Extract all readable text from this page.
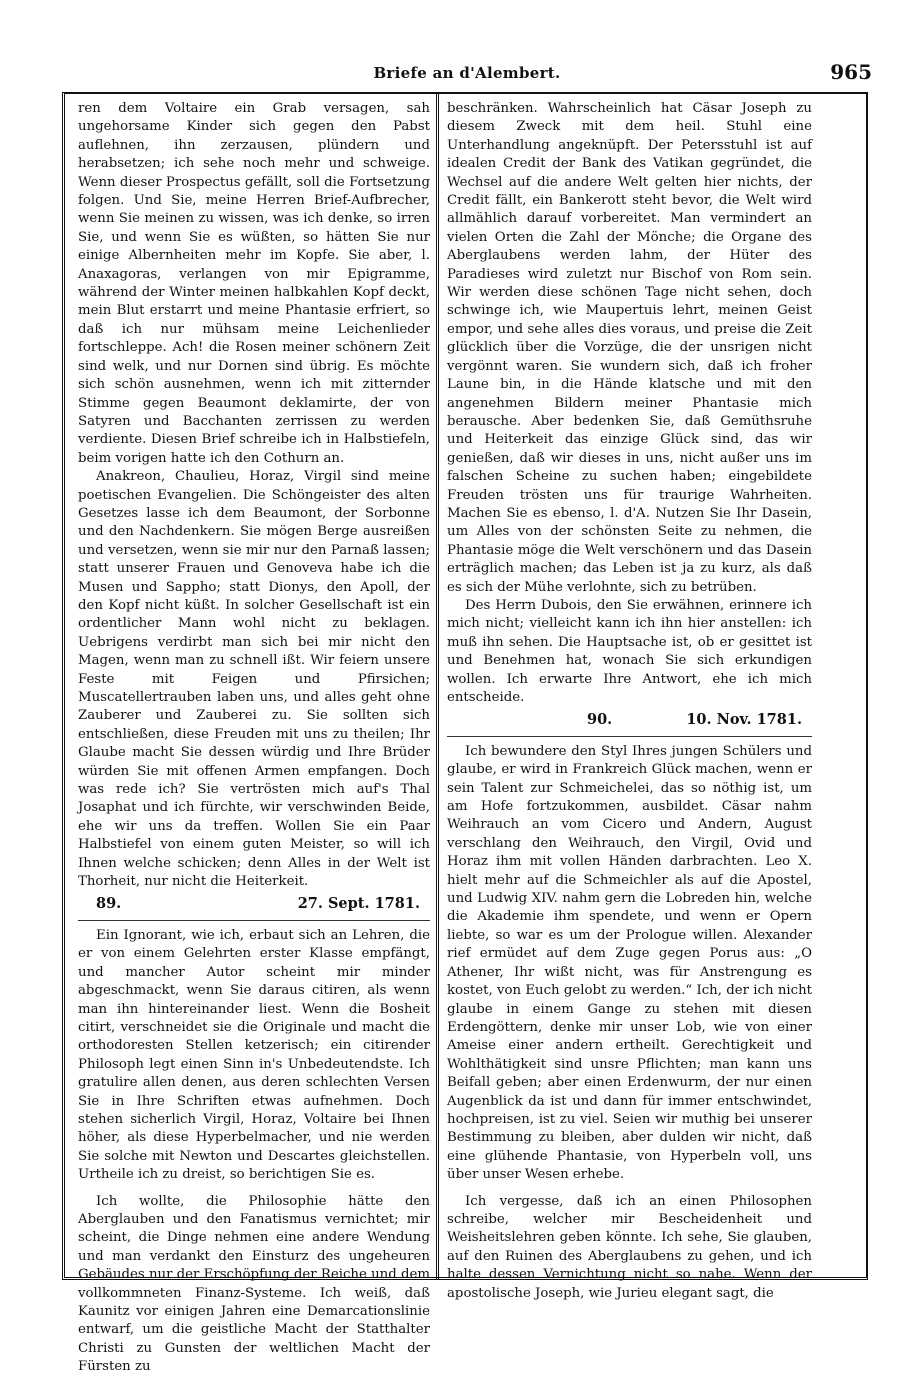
Briefe an d'Alembert.	965

ren dem Voltaire ein Grab versagen, sah ungehorsame Kinder sich gegen den Pabst auflehnen, ihn zerzausen, plündern und herabsetzen; ich sehe noch mehr und schweige. Wenn dieser Prospectus gefällt, soll die Fortsetzung folgen. Und Sie, meine Herren Brief-Aufbrecher, wenn Sie meinen zu wissen, was ich denke, so irren Sie, und wenn Sie es wüßten, so hätten Sie nur einige Albernheiten mehr im Kopfe. Sie aber, l. Anaxagoras, verlangen von mir Epigramme, während der Winter meinen halbkahlen Kopf deckt, mein Blut erstarrt und meine Phantasie erfriert, so daß ich nur mühsam meine Leichenlieder fortschleppe. Ach! die Rosen meiner schönern Zeit sind welk, und nur Dornen sind übrig. Es möchte sich schön ausnehmen, wenn ich mit zitternder Stimme gegen Beaumont deklamirte, der von Satyren und Bacchanten zerrissen zu werden verdiente. Diesen Brief schreibe ich in Halbstiefeln, beim vorigen hatte ich den Cothurn an.

Anakreon, Chaulieu, Horaz, Virgil sind meine poetischen Evangelien. Die Schöngeister des alten Gesetzes lasse ich dem Beaumont, der Sorbonne und den Nachdenkern. Sie mögen Berge ausreißen und versetzen, wenn sie mir nur den Parnaß lassen; statt unserer Frauen und Genoveva habe ich die Musen und Sappho; statt Dionys, den Apoll, der den Kopf nicht küßt. In solcher Gesellschaft ist ein ordentlicher Mann wohl nicht zu beklagen. Uebrigens verdirbt man sich bei mir nicht den Magen, wenn man zu schnell ißt. Wir feiern unsere Feste mit Feigen und Pfirsichen; Muscatellertrauben laben uns, und alles geht ohne Zauberer und Zauberei zu. Sie sollten sich entschließen, diese Freuden mit uns zu theilen; Ihr Glaube macht Sie dessen würdig und Ihre Brüder würden Sie mit offenen Armen empfangen. Doch was rede ich? Sie vertrösten mich auf's Thal Josaphat und ich fürchte, wir verschwinden Beide, ehe wir uns da treffen. Wollen Sie ein Paar Halbstiefel von einem guten Meister, so will ich Ihnen welche schicken; denn Alles in der Welt ist Thorheit, nur nicht die Heiterkeit.

89.	27. Sept. 1781.

Ein Ignorant, wie ich, erbaut sich an Lehren, die er von einem Gelehrten erster Klasse empfängt, und mancher Autor scheint mir minder abgeschmackt, wenn Sie daraus citiren, als wenn man ihn hintereinander liest. Wenn die Bosheit citirt, verschneidet sie die Originale und macht die orthodoresten Stellen ketzerisch; ein citirender Philosoph legt einen Sinn in's Unbedeutendste. Ich gratulire allen denen, aus deren schlechten Versen Sie in Ihre Schriften etwas aufnehmen. Doch stehen sicherlich Virgil, Horaz, Voltaire bei Ihnen höher, als diese Hyperbelmacher, und nie werden Sie solche mit Newton und Descartes gleichstellen. Urtheile ich zu dreist, so berichtigen Sie es.

Ich wollte, die Philosophie hätte den Aberglauben und den Fanatismus vernichtet; mir scheint, die Dinge nehmen eine andere Wendung und man verdankt den Einsturz des ungeheuren Gebäudes nur der Erschöpfung der Reiche und dem vollkommneten Finanz-Systeme. Ich weiß, daß Kaunitz vor einigen Jahren eine Demarcationslinie entwarf, um die geistliche Macht der Statthalter Christi zu Gunsten der weltlichen Macht der Fürsten zu

beschränken. Wahrscheinlich hat Cäsar Joseph zu diesem Zweck mit dem heil. Stuhl eine Unterhandlung angeknüpft. Der Petersstuhl ist auf idealen Credit der Bank des Vatikan gegründet, die Wechsel auf die andere Welt gelten hier nichts, der Credit fällt, ein Bankerott steht bevor, die Welt wird allmählich darauf vorbereitet. Man vermindert an vielen Orten die Zahl der Mönche; die Organe des Aberglaubens werden lahm, der Hüter des Paradieses wird zuletzt nur Bischof von Rom sein. Wir werden diese schönen Tage nicht sehen, doch schwinge ich, wie Maupertuis lehrt, meinen Geist empor, und sehe alles dies voraus, und preise die Zeit glücklich über die Vorzüge, die der unsrigen nicht vergönnt waren. Sie wundern sich, daß ich froher Laune bin, in die Hände klatsche und mit den angenehmen Bildern meiner Phantasie mich berausche. Aber bedenken Sie, daß Gemüthsruhe und Heiterkeit das einzige Glück sind, das wir genießen, daß wir dieses in uns, nicht außer uns im falschen Scheine zu suchen haben; eingebildete Freuden trösten uns für traurige Wahrheiten. Machen Sie es ebenso, l. d'A. Nutzen Sie Ihr Dasein, um Alles von der schönsten Seite zu nehmen, die Phantasie möge die Welt verschönern und das Dasein erträglich machen; das Leben ist ja zu kurz, als daß es sich der Mühe verlohnte, sich zu betrüben.

Des Herrn Dubois, den Sie erwähnen, erinnere ich mich nicht; vielleicht kann ich ihn hier anstellen: ich muß ihn sehen. Die Hauptsache ist, ob er gesittet ist und Benehmen hat, wonach Sie sich erkundigen wollen. Ich erwarte Ihre Antwort, ehe ich mich entscheide.

90.	10. Nov. 1781.

Ich bewundere den Styl Ihres jungen Schülers und glaube, er wird in Frankreich Glück machen, wenn er sein Talent zur Schmeichelei, das so nöthig ist, um am Hofe fortzukommen, ausbildet. Cäsar nahm Weihrauch an vom Cicero und Andern, August verschlang den Weihrauch, den Virgil, Ovid und Horaz ihm mit vollen Händen darbrachten. Leo X. hielt mehr auf die Schmeichler als auf die Apostel, und Ludwig XIV. nahm gern die Lobreden hin, welche die Akademie ihm spendete, und wenn er Opern liebte, so war es um der Prologue willen. Alexander rief ermüdet auf dem Zuge gegen Porus aus: „O Athener, Ihr wißt nicht, was für Anstrengung es kostet, von Euch gelobt zu werden.“ Ich, der ich nicht glaube in einem Gange zu stehen mit diesen Erdengöttern, denke mir unser Lob, wie von einer Ameise einer andern ertheilt. Gerechtigkeit und Wohlthätigkeit sind unsre Pflichten; man kann uns Beifall geben; aber einen Erdenwurm, der nur einen Augenblick da ist und dann für immer entschwindet, hochpreisen, ist zu viel. Seien wir muthig bei unserer Bestimmung zu bleiben, aber dulden wir nicht, daß eine glühende Phantasie, von Hyperbeln voll, uns über unser Wesen erhebe.

Ich vergesse, daß ich an einen Philosophen schreibe, welcher mir Bescheidenheit und Weisheitslehren geben könnte. Ich sehe, Sie glauben, auf den Ruinen des Aberglaubens zu gehen, und ich halte dessen Vernichtung nicht so nahe. Wenn der apostolische Joseph, wie Jurieu elegant sagt, die
